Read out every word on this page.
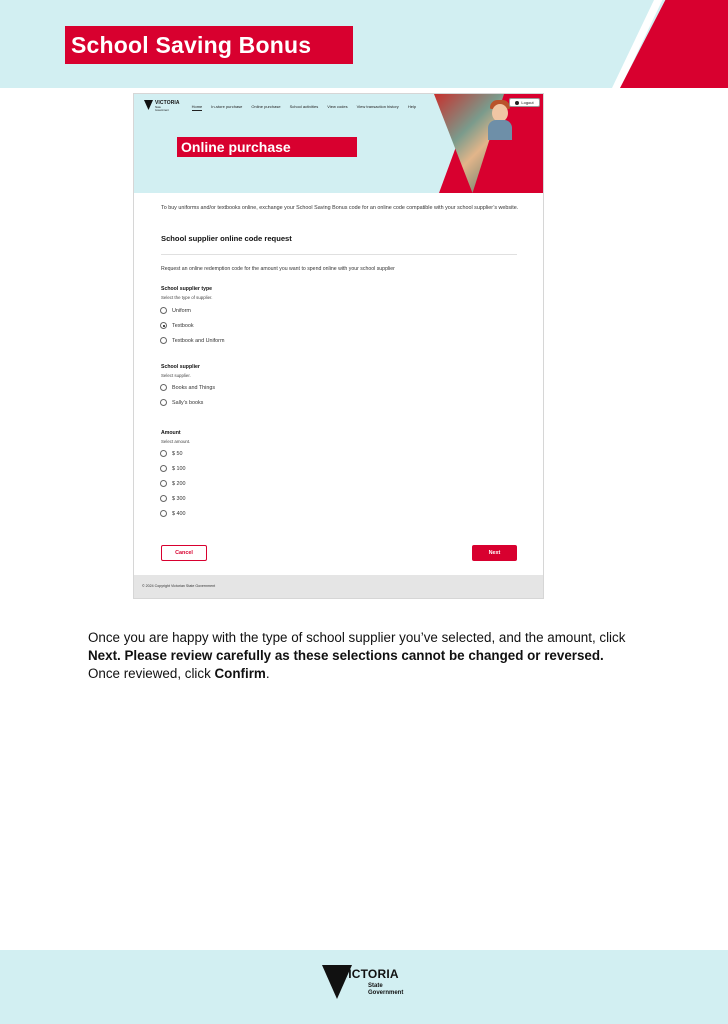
School Saving Bonus
VICTORIA
State
Government
Home In-store purchase Online purchase School activities View codes View transaction history Help
Logout
Online purchase
To buy uniforms and/or textbooks online, exchange your School Saving Bonus code for an online code compatible with your school supplier’s website.
School supplier online code request
Request an online redemption code for the amount you want to spend online with your school supplier
School supplier type
Select the type of supplier.
Uniform
Textbook
Textbook and Uniform
School supplier
Select supplier.
Books and Things
Sally’s books
Amount
Select amount.
$ 50
$ 100
$ 200
$ 300
$ 400
Cancel	Next
© 2024 Copyright Victorian State Government

Once you are happy with the type of school supplier you’ve selected, and the amount, click
Next. Please review carefully as these selections cannot be changed or reversed.
Once reviewed, click Confirm.

VICTORIA
State
Government
